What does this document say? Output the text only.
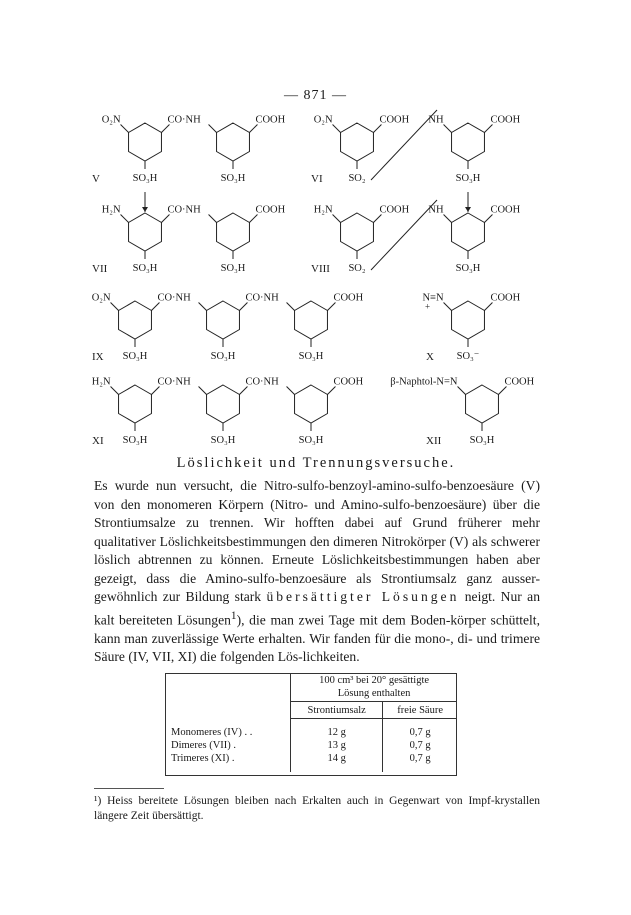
— 871 —
O₂N	CO·NH
SO₃H
COOH
SO₃H
V
O₂N	COOH
SO₂
NH	COOH
SO₃H
VI
H₂N	CO·NH
SO₃H
COOH
SO₃H
VII
H₂N	COOH
SO₂
NH	COOH
SO₃H
VIII
O₂N	CO·NH
SO₃H
CO·NH
SO₃H
COOH
SO₃H
IX
N≡N	COOH
SO₃⁻
+
X
H₂N	CO·NH
SO₃H
CO·NH
SO₃H
COOH
SO₃H
XI
β-Naphtol-N=N	COOH
SO₃H
XII
Löslichkeit und Trennungsversuche.

Es wurde nun versucht, die Nitro-sulfo-benzoyl-amino-sulfo-benzoesäure (V) von den monomeren Körpern (Nitro- und Amino-sulfo-benzoesäure) über die Strontiumsalze zu trennen. Wir hofften dabei auf Grund früherer mehr qualitativer Löslichkeitsbestimmungen den dimeren Nitrokörper (V) als schwerer löslich abtrennen zu können. Erneute Löslichkeitsbestimmungen haben aber gezeigt, dass die Amino-sulfo-benzoesäure als Strontiumsalz ganz ausser-gewöhnlich zur Bildung stark übersättigter Lösungen neigt. Nur an kalt bereiteten Lösungen$^1$), die man zwei Tage mit dem Boden-körper schüttelt, kann man zuverlässige Werte erhalten. Wir fanden für die mono-, di- und trimere Säure (IV, VII, XI) die folgenden Lös-lichkeiten.

	100 cm³ bei 20° gesättigte
Lösung enthalten	

	Strontiumsalz	freie Säure
Monomeres (IV) . .	12 g	0,7 g
Dimeres (VII) .	13 g	0,7 g
Trimeres (XI) .	14 g	0,7 g

¹) Heiss bereitete Lösungen bleiben nach Erkalten auch in Gegenwart von Impf-krystallen längere Zeit übersättigt.
